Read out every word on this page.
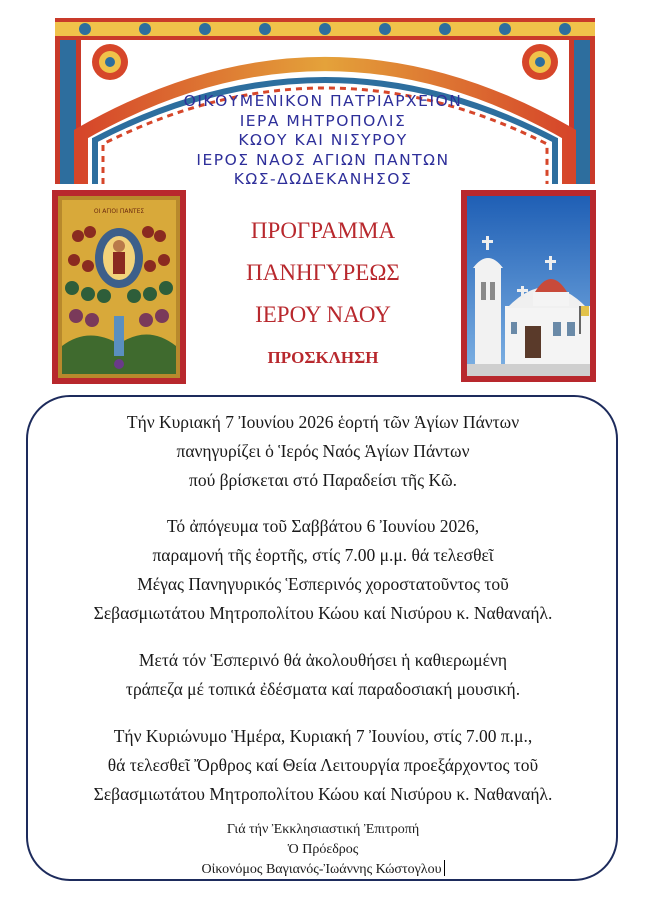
ΟΙΚΟΥΜΕΝΙΚΟΝ ΠΑΤΡΙΑΡΧΕΙΟΝ
ΙΕΡΑ ΜΗΤΡΟΠΟΛΙΣ
ΚΩΟΥ ΚΑΙ ΝΙΣΥΡΟΥ
ΙΕΡΟΣ ΝΑΟΣ ΑΓΙΩΝ ΠΑΝΤΩΝ
ΚΩΣ-ΔΩΔΕΚΑΝΗΣΟΣ
ΟΙ ΑΓΙΟΙ ΠΑΝΤΕΣ
ΠΡΟΓΡΑΜΜΑ
ΠΑΝΗΓΥΡΕΩΣ
ΙΕΡΟΥ ΝΑΟΥ
ΠΡΟΣΚΛΗΣΗ
Τήν Κυριακή 7 Ἰουνίου 2026 ἑορτή τῶν Ἁγίων Πάντων
πανηγυρίζει ὁ Ἱερός Ναός Ἁγίων Πάντων
πού βρίσκεται στό Παραδείσι τῆς Κῶ.
Τό ἀπόγευμα τοῦ Σαββάτου 6 Ἰουνίου 2026,
παραμονή τῆς ἑορτῆς, στίς 7.00 μ.μ. θά τελεσθεῖ
Μέγας Πανηγυρικός Ἑσπερινός χοροστατοῦντος τοῦ
Σεβασμιωτάτου Μητροπολίτου Κώου καί Νισύρου κ. Ναθαναήλ.
Μετά τόν Ἑσπερινό θά ἀκολουθήσει ἡ καθιερωμένη
τράπεζα μέ τοπικά ἐδέσματα καί παραδοσιακή μουσική.
Τήν Κυριώνυμο Ἡμέρα, Κυριακή 7 Ἰουνίου, στίς 7.00 π.μ.,
θά τελεσθεῖ Ὄρθρος καί Θεία Λειτουργία προεξάρχοντος τοῦ
Σεβασμιωτάτου Μητροπολίτου Κώου καί Νισύρου κ. Ναθαναήλ.
Γιά τήν Ἐκκλησιαστική Ἐπιτροπή
Ὁ Πρόεδρος
Οἰκονόμος Βαγιανός-Ἰωάννης Κώστογλου
